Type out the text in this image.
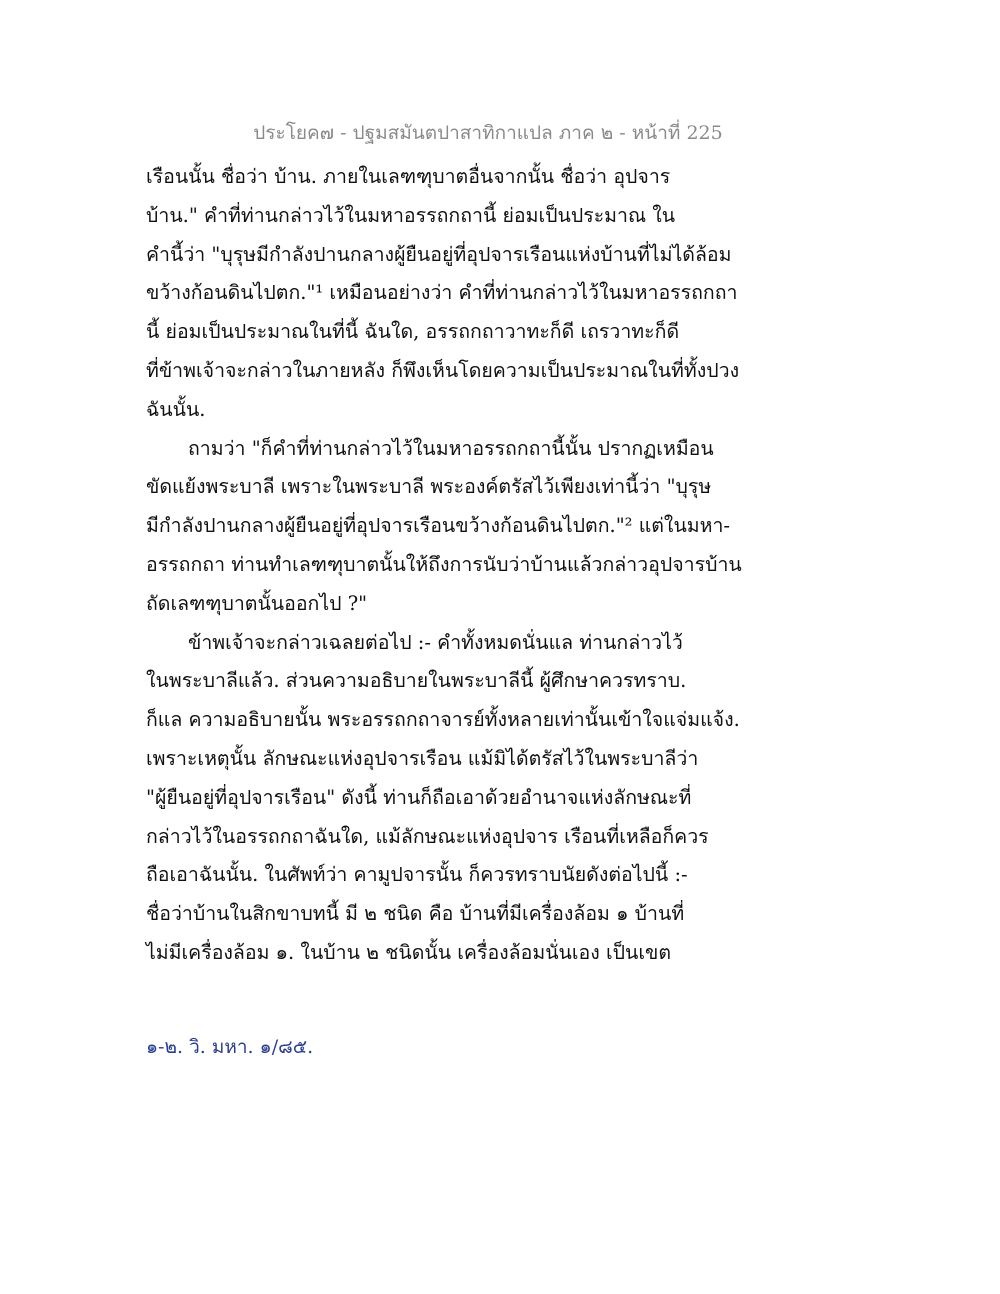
ประโยค๗ - ปฐมสมันตปาสาทิกาแปล ภาค ๒ - หน้าที่ 225
เรือนนั้น ชื่อว่า บ้าน. ภายในเลฑฑุบาตอื่นจากนั้น ชื่อว่า อุปจาร
บ้าน." คำที่ท่านกล่าวไว้ในมหาอรรถกถานี้ ย่อมเป็นประมาณ ใน
คำนี้ว่า "บุรุษมีกำลังปานกลางผู้ยืนอยู่ที่อุปจารเรือนแห่งบ้านที่ไม่ได้ล้อม
ขว้างก้อนดินไปตก."¹ เหมือนอย่างว่า คำที่ท่านกล่าวไว้ในมหาอรรถกถา
นี้ ย่อมเป็นประมาณในที่นี้ ฉันใด, อรรถกถาวาทะก็ดี เถรวาทะก็ดี
ที่ข้าพเจ้าจะกล่าวในภายหลัง ก็พึงเห็นโดยความเป็นประมาณในที่ทั้งปวง
ฉันนั้น.
ถามว่า "ก็คำที่ท่านกล่าวไว้ในมหาอรรถกถานี้นั้น ปรากฏเหมือน
ขัดแย้งพระบาลี เพราะในพระบาลี พระองค์ตรัสไว้เพียงเท่านี้ว่า "บุรุษ
มีกำลังปานกลางผู้ยืนอยู่ที่อุปจารเรือนขว้างก้อนดินไปตก."² แต่ในมหา-
อรรถกถา ท่านทำเลฑฑุบาตนั้นให้ถึงการนับว่าบ้านแล้วกล่าวอุปจารบ้าน
ถัดเลฑฑุบาตนั้นออกไป ?"
ข้าพเจ้าจะกล่าวเฉลยต่อไป :- คำทั้งหมดนั่นแล ท่านกล่าวไว้
ในพระบาลีแล้ว. ส่วนความอธิบายในพระบาลีนี้ ผู้ศึกษาควรทราบ.
ก็แล ความอธิบายนั้น พระอรรถกถาจารย์ทั้งหลายเท่านั้นเข้าใจแจ่มแจ้ง.
เพราะเหตุนั้น ลักษณะแห่งอุปจารเรือน แม้มิได้ตรัสไว้ในพระบาลีว่า
"ผู้ยืนอยู่ที่อุปจารเรือน" ดังนี้ ท่านก็ถือเอาด้วยอำนาจแห่งลักษณะที่
กล่าวไว้ในอรรถกถาฉันใด, แม้ลักษณะแห่งอุปจาร เรือนที่เหลือก็ควร
ถือเอาฉันนั้น. ในศัพท์ว่า คามูปจารนั้น ก็ควรทราบนัยดังต่อไปนี้ :-
ชื่อว่าบ้านในสิกขาบทนี้ มี ๒ ชนิด คือ บ้านที่มีเครื่องล้อม ๑ บ้านที่
ไม่มีเครื่องล้อม ๑. ในบ้าน ๒ ชนิดนั้น เครื่องล้อมนั่นเอง เป็นเขต
๑-๒. วิ. มหา. ๑/๘๕.
